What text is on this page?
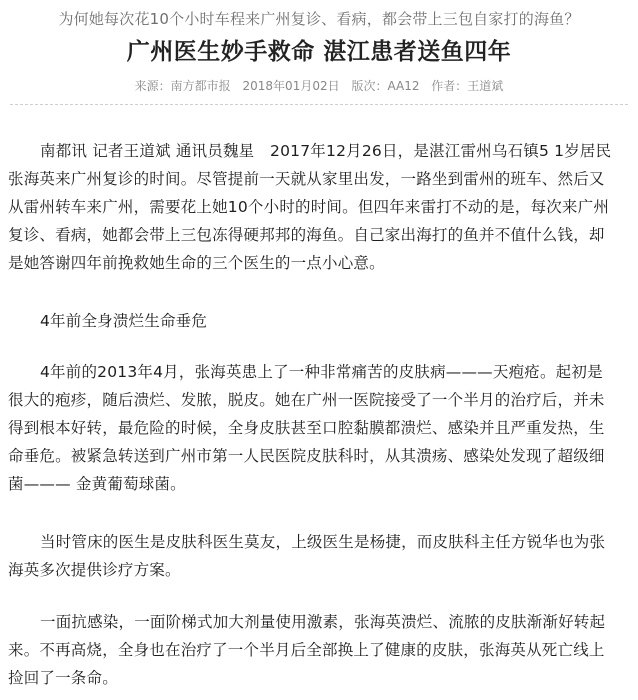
为何她每次花10个小时车程来广州复诊、看病，都会带上三包自家打的海鱼？
广州医生妙手救命 湛江患者送鱼四年
来源：南方都市报 2018年01月02日 版次：AA12 作者：王道斌
南都讯 记者王道斌 通讯员魏星　2017年12月26日，是湛江雷州乌石镇5 1岁居民张海英来广州复诊的时间。尽管提前一天就从家里出发，一路坐到雷州的班车、然后又从雷州转车来广州，需要花上她10个小时的时间。但四年来雷打不动的是，每次来广州复诊、看病，她都会带上三包冻得硬邦邦的海鱼。自己家出海打的鱼并不值什么钱，却是她答谢四年前挽救她生命的三个医生的一点小心意。
4年前全身溃烂生命垂危
4年前的2013年4月，张海英患上了一种非常痛苦的皮肤病———天疱疮。起初是很大的疱疹，随后溃烂、发脓，脱皮。她在广州一医院接受了一个半月的治疗后，并未得到根本好转，最危险的时候，全身皮肤甚至口腔黏膜都溃烂、感染并且严重发热，生命垂危。被紧急转送到广州市第一人民医院皮肤科时，从其溃疡、感染处发现了超级细菌——— 金黄葡萄球菌。
当时管床的医生是皮肤科医生莫友，上级医生是杨捷，而皮肤科主任方锐华也为张海英多次提供诊疗方案。
一面抗感染，一面阶梯式加大剂量使用激素，张海英溃烂、流脓的皮肤渐渐好转起来。不再高烧，全身也在治疗了一个半月后全部换上了健康的皮肤，张海英从死亡线上捡回了一条命。
